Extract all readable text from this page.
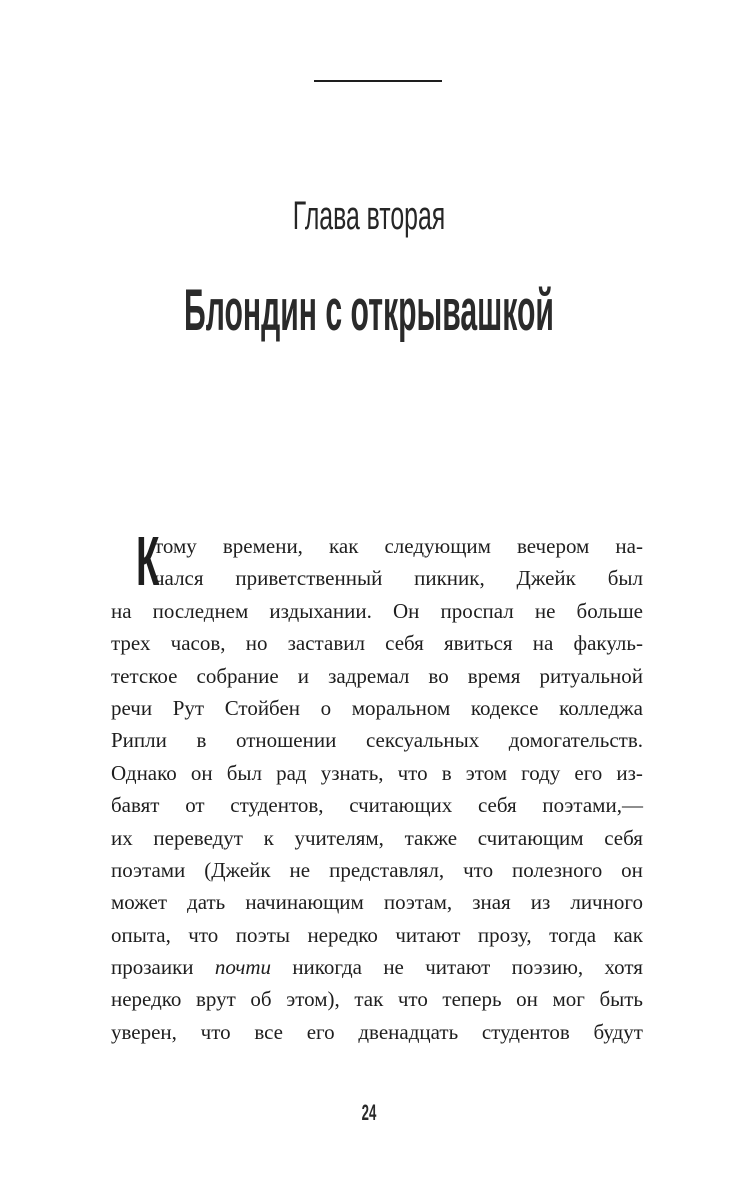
Глава вторая
Блондин с открывашкой
К
тому времени, как следующим вечером на-
чался приветственный пикник, Джейк был
на последнем издыхании. Он проспал не больше
трех часов, но заставил себя явиться на факуль-
тетское собрание и задремал во время ритуальной
речи Рут Стойбен о моральном кодексе колледжа
Рипли в отношении сексуальных домогательств.
Однако он был рад узнать, что в этом году его из-
бавят от студентов, считающих себя поэтами,—
их переведут к учителям, также считающим себя
поэтами (Джейк не представлял, что полезного он
может дать начинающим поэтам, зная из личного
опыта, что поэты нередко читают прозу, тогда как
прозаики почти никогда не читают поэзию, хотя
нередко врут об этом), так что теперь он мог быть
уверен, что все его двенадцать студентов будут
24
